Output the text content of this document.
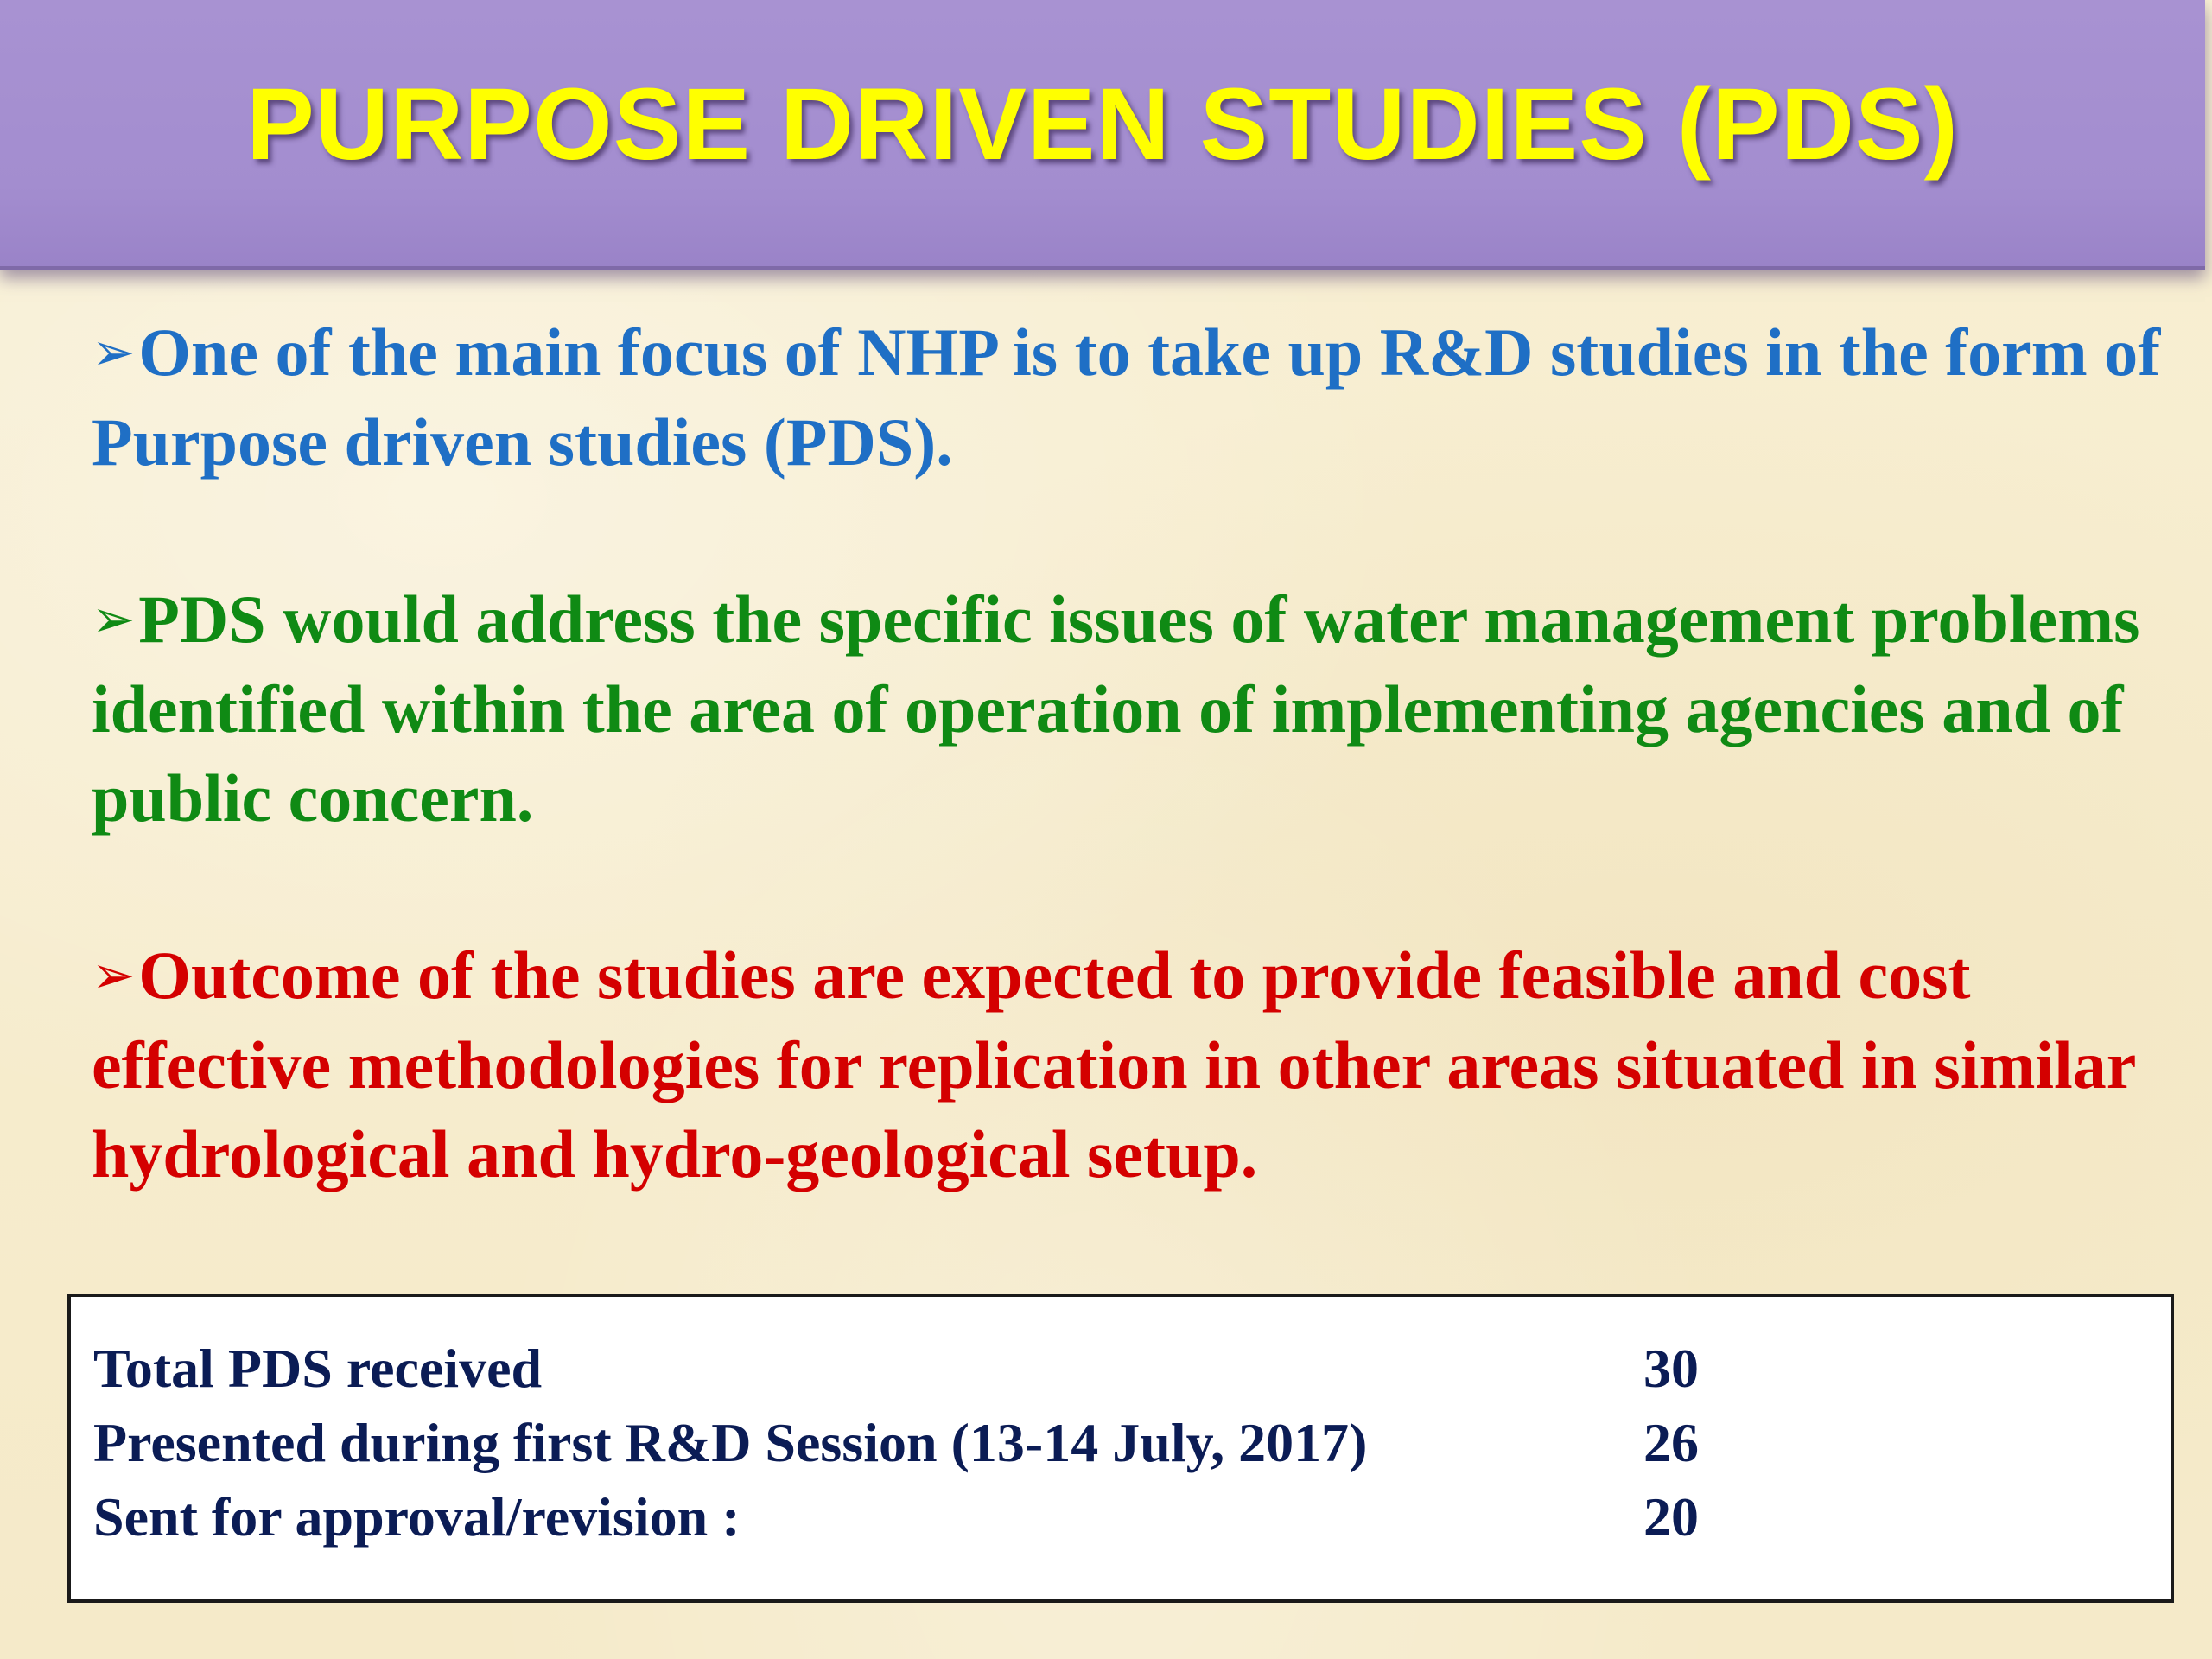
PURPOSE DRIVEN STUDIES (PDS)

➢One of the main focus of NHP is to take up R&D studies in the form of Purpose driven studies (PDS).

➢PDS would address the specific issues of water management problems identified within the area of operation of implementing agencies and of public concern.

➢Outcome of the studies are expected to provide feasible and cost effective methodologies for replication in other areas situated in similar hydrological and hydro-geological setup.

Total PDS received	30
Presented during first R&D Session (13-14 July, 2017)	26
Sent for approval/revision :	20
